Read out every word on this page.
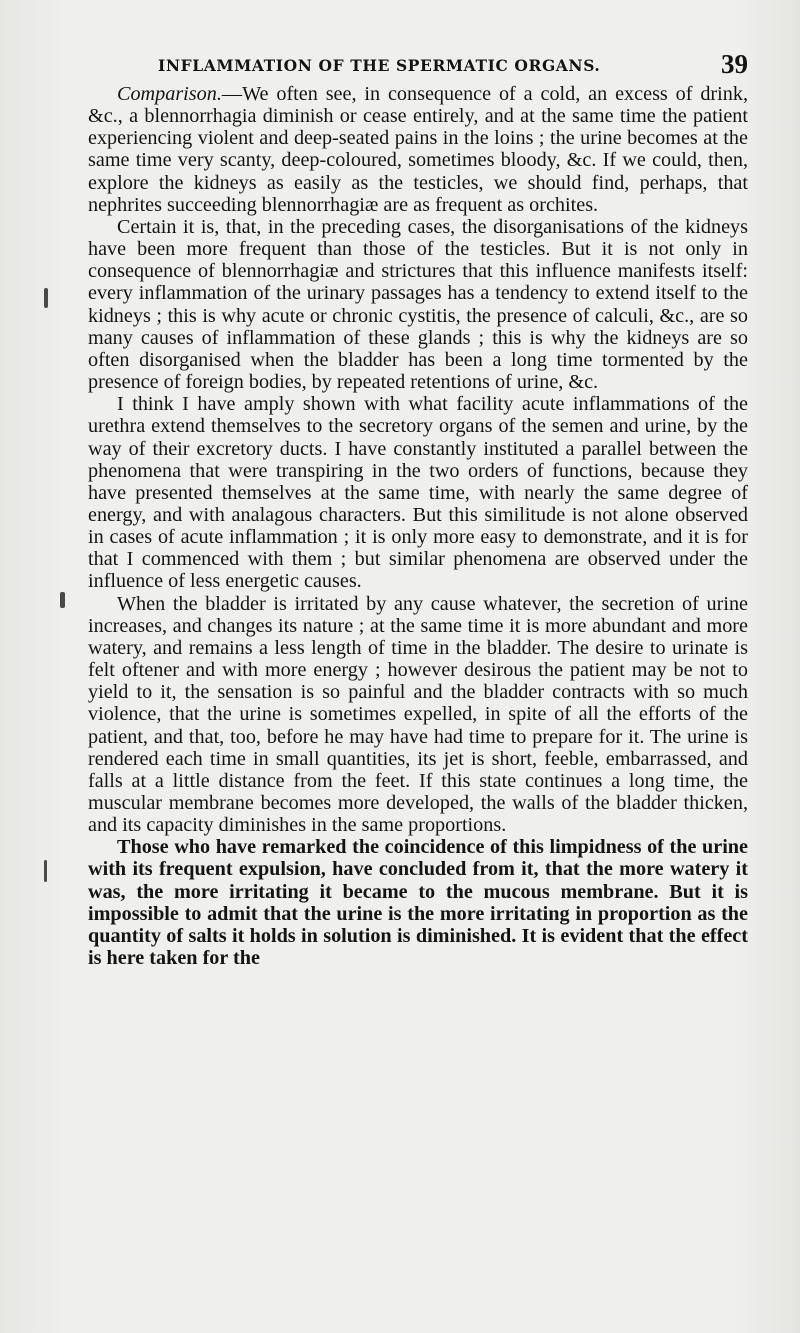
INFLAMMATION OF THE SPERMATIC ORGANS.	39

Comparison.—We often see, in consequence of a cold, an excess of drink, &c., a blennorrhagia diminish or cease entirely, and at the same time the patient experiencing violent and deep-seated pains in the loins ; the urine becomes at the same time very scanty, deep-coloured, sometimes bloody, &c. If we could, then, explore the kidneys as easily as the testicles, we should find, perhaps, that nephrites succeeding blennorrhagiæ are as frequent as orchites.

Certain it is, that, in the preceding cases, the disorganisations of the kidneys have been more frequent than those of the testicles. But it is not only in consequence of blennorrhagiæ and strictures that this influence manifests itself: every inflammation of the urinary passages has a tendency to extend itself to the kidneys ; this is why acute or chronic cystitis, the presence of calculi, &c., are so many causes of inflammation of these glands ; this is why the kidneys are so often disorganised when the bladder has been a long time tormented by the presence of foreign bodies, by repeated retentions of urine, &c.

I think I have amply shown with what facility acute inflammations of the urethra extend themselves to the secretory organs of the semen and urine, by the way of their excretory ducts. I have constantly instituted a parallel between the phenomena that were transpiring in the two orders of functions, because they have presented themselves at the same time, with nearly the same degree of energy, and with analagous characters. But this similitude is not alone observed in cases of acute inflammation ; it is only more easy to demonstrate, and it is for that I commenced with them ; but similar phenomena are observed under the influence of less energetic causes.

When the bladder is irritated by any cause whatever, the secretion of urine increases, and changes its nature ; at the same time it is more abundant and more watery, and remains a less length of time in the bladder. The desire to urinate is felt oftener and with more energy ; however desirous the patient may be not to yield to it, the sensation is so painful and the bladder contracts with so much violence, that the urine is sometimes expelled, in spite of all the efforts of the patient, and that, too, before he may have had time to prepare for it. The urine is rendered each time in small quantities, its jet is short, feeble, embarrassed, and falls at a little distance from the feet. If this state continues a long time, the muscular membrane becomes more developed, the walls of the bladder thicken, and its capacity diminishes in the same proportions.

Those who have remarked the coincidence of this limpidness of the urine with its frequent expulsion, have concluded from it, that the more watery it was, the more irritating it became to the mucous membrane. But it is impossible to admit that the urine is the more irritating in proportion as the quantity of salts it holds in solution is diminished. It is evident that the effect is here taken for the
